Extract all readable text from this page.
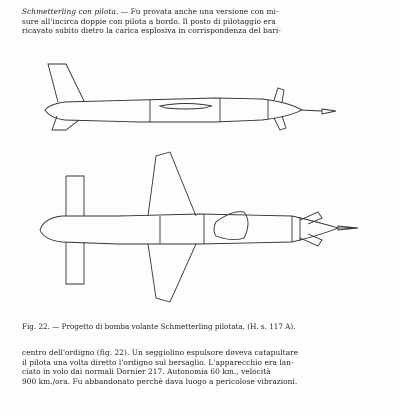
Schmetterling con pilota. — Fu provata anche una versione con mi-
sure all'incirca doppie con pilota a bordo. Il posto di pilotaggio era
ricavato subito dietro la carica esplosiva in corrispondenza del bari-
Fig. 22. — Progetto di bomba volante Schmetterling pilotata, (H. s. 117 A).
centro dell'ordigno (fig. 22). Un seggiolino espulsore doveva catapultare
il pilota una volta diretto l'ordigno sul bersaglio. L'apparecchio era lan-
ciato in volo dai normali Dornier 217. Autonomia 60 km., velocità
900 km./ora. Fu abbandonato perchè dava luogo a pericolose vibrazioni.
